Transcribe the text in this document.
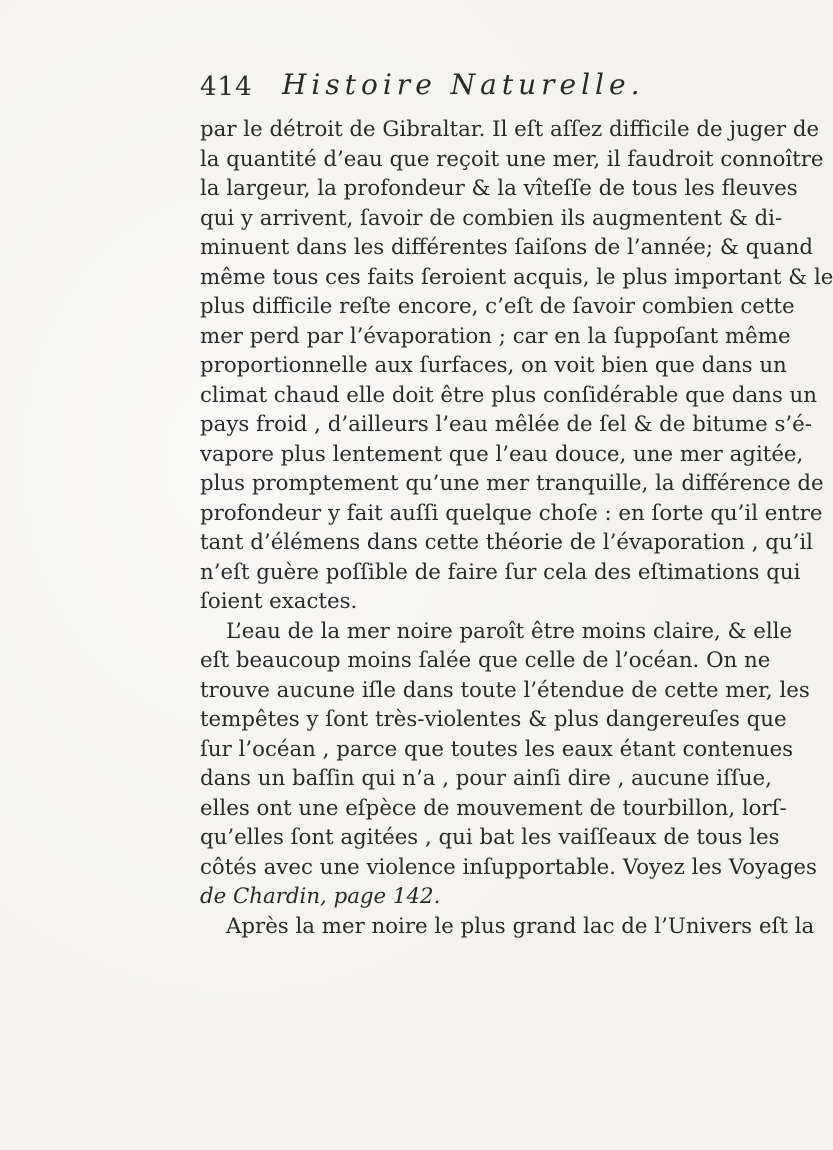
414 Histoire Naturelle.
par le détroit de Gibraltar. Il eſt aſſez difficile de juger de
la quantité d’eau que reçoit une mer, il faudroit connoître
la largeur, la profondeur & la vîteſſe de tous les fleuves
qui y arrivent, ſavoir de combien ils augmentent & di-
minuent dans les différentes ſaiſons de l’année; & quand
même tous ces faits ſeroient acquis, le plus important & le
plus difficile reſte encore, c’eſt de ſavoir combien cette
mer perd par l’évaporation ; car en la ſuppoſant même
proportionnelle aux ſurfaces, on voit bien que dans un
climat chaud elle doit être plus conſidérable que dans un
pays froid , d’ailleurs l’eau mêlée de ſel & de bitume s’é-
vapore plus lentement que l’eau douce, une mer agitée,
plus promptement qu’une mer tranquille, la différence de
profondeur y fait auſſi quelque choſe : en ſorte qu’il entre
tant d’élémens dans cette théorie de l’évaporation , qu’il
n’eſt guère poſſible de faire ſur cela des eſtimations qui
ſoient exactes.
L’eau de la mer noire paroît être moins claire, & elle
eſt beaucoup moins ſalée que celle de l’océan. On ne
trouve aucune iſle dans toute l’étendue de cette mer, les
tempêtes y ſont très-violentes & plus dangereuſes que
ſur l’océan , parce que toutes les eaux étant contenues
dans un baſſin qui n’a , pour ainſi dire , aucune iſſue,
elles ont une eſpèce de mouvement de tourbillon, lorſ-
qu’elles ſont agitées , qui bat les vaiſſeaux de tous les
côtés avec une violence inſupportable. Voyez les Voyages
de Chardin, page 142.
Après la mer noire le plus grand lac de l’Univers eſt la
